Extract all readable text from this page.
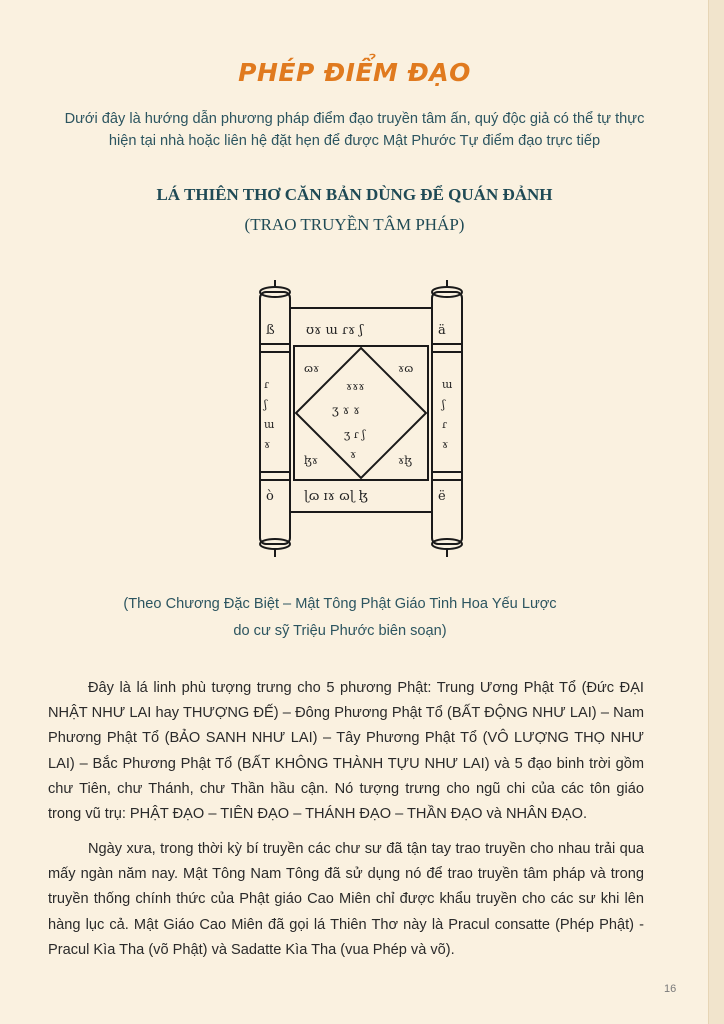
PHÉP ĐIỂM ĐẠO
Dưới đây là hướng dẫn phương pháp điểm đạo truyền tâm ấn, quý độc giả có thể tự thực
hiện tại nhà hoặc liên hệ đặt hẹn để được Mật Phước Tự điểm đạo trực tiếp
LÁ THIÊN THƠ CĂN BẢN DÙNG ĐỂ QUÁN ĐẢNH
(TRAO TRUYỀN TÂM PHÁP)
ß	ä
ò	ë
ʊɤ ɯ ɾɤ ʃ
ɭɷ ɪɤ ɷɭ ɮ
ɾ
ʃ
ɯ
ɤ
ɯ
ʃ
ɾ
ɤ
ɷɤ	ɤɷ
ɮɤ	ɤɮ
ɤɤɤ
ʒ ɤ ɤ
ʒ ɾ ʃ
ɤ
(Theo Chương Đặc Biệt – Mật Tông Phật Giáo Tinh Hoa Yếu Lược
do cư sỹ Triệu Phước biên soạn)
Đây là lá linh phù tượng trưng cho 5 phương Phật: Trung Ương Phật Tổ (Đức ĐẠI NHẬT NHƯ LAI hay THƯỢNG ĐẾ) – Đông Phương Phật Tổ (BẤT ĐỘNG NHƯ LAI) – Nam Phương Phật Tổ (BẢO SANH NHƯ LAI) – Tây Phương Phật Tổ (VÔ LƯỢNG THỌ NHƯ LAI) – Bắc Phương Phật Tổ (BẤT KHÔNG THÀNH TỰU NHƯ LAI) và 5 đạo binh trời gồm chư Tiên, chư Thánh, chư Thần hầu cận. Nó tượng trưng cho ngũ chi của các tôn giáo trong vũ trụ: PHẬT ĐẠO – TIÊN ĐẠO – THÁNH ĐẠO – THẦN ĐẠO và NHÂN ĐẠO.
Ngày xưa, trong thời kỳ bí truyền các chư sư đã tận tay trao truyền cho nhau trải qua mấy ngàn năm nay. Mật Tông Nam Tông đã sử dụng nó để trao truyền tâm pháp và trong truyền thống chính thức của Phật giáo Cao Miên chỉ được khẩu truyền cho các sư khi lên hàng lục cả. Mật Giáo Cao Miên đã gọi lá Thiên Thơ này là Pracul consatte (Phép Phật) - Pracul Kìa Tha (võ Phật) và Sadatte Kìa Tha (vua Phép và võ).
16
